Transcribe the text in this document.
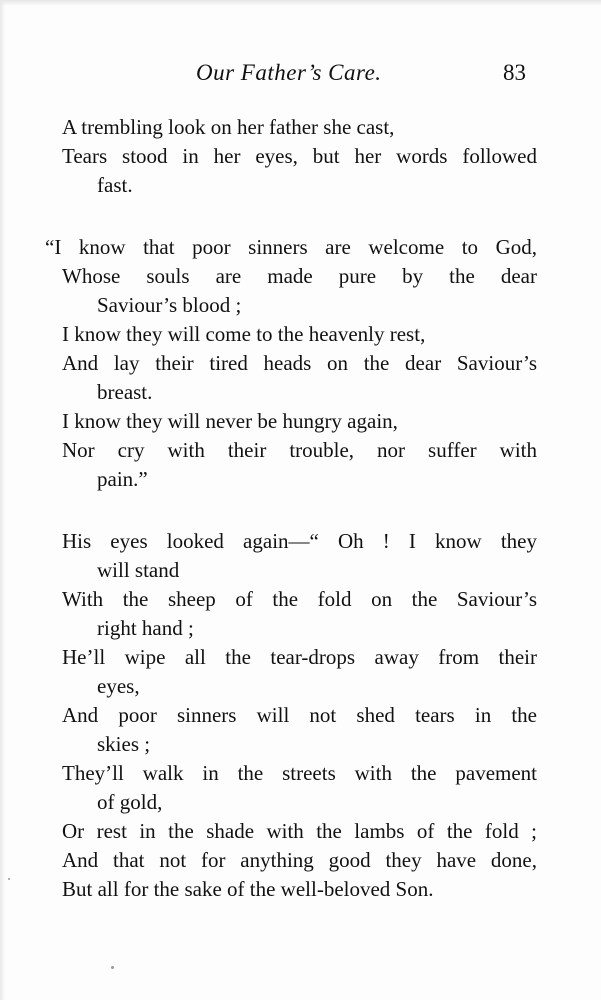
Our Father’s Care.	83
A trembling look on her father she cast,
Tears stood in her eyes, but her words followed
fast.
“I know that poor sinners are welcome to God,
Whose souls are made pure by the dear
Saviour’s blood ;
I know they will come to the heavenly rest,
And lay their tired heads on the dear Saviour’s
breast.
I know they will never be hungry again,
Nor cry with their trouble, nor suffer with
pain.”
His eyes looked again—“ Oh ! I know they
will stand
With the sheep of the fold on the Saviour’s
right hand ;
He’ll wipe all the tear-drops away from their
eyes,
And poor sinners will not shed tears in the
skies ;
They’ll walk in the streets with the pavement
of gold,
Or rest in the shade with the lambs of the fold ;
And that not for anything good they have done,
But all for the sake of the well-beloved Son.
